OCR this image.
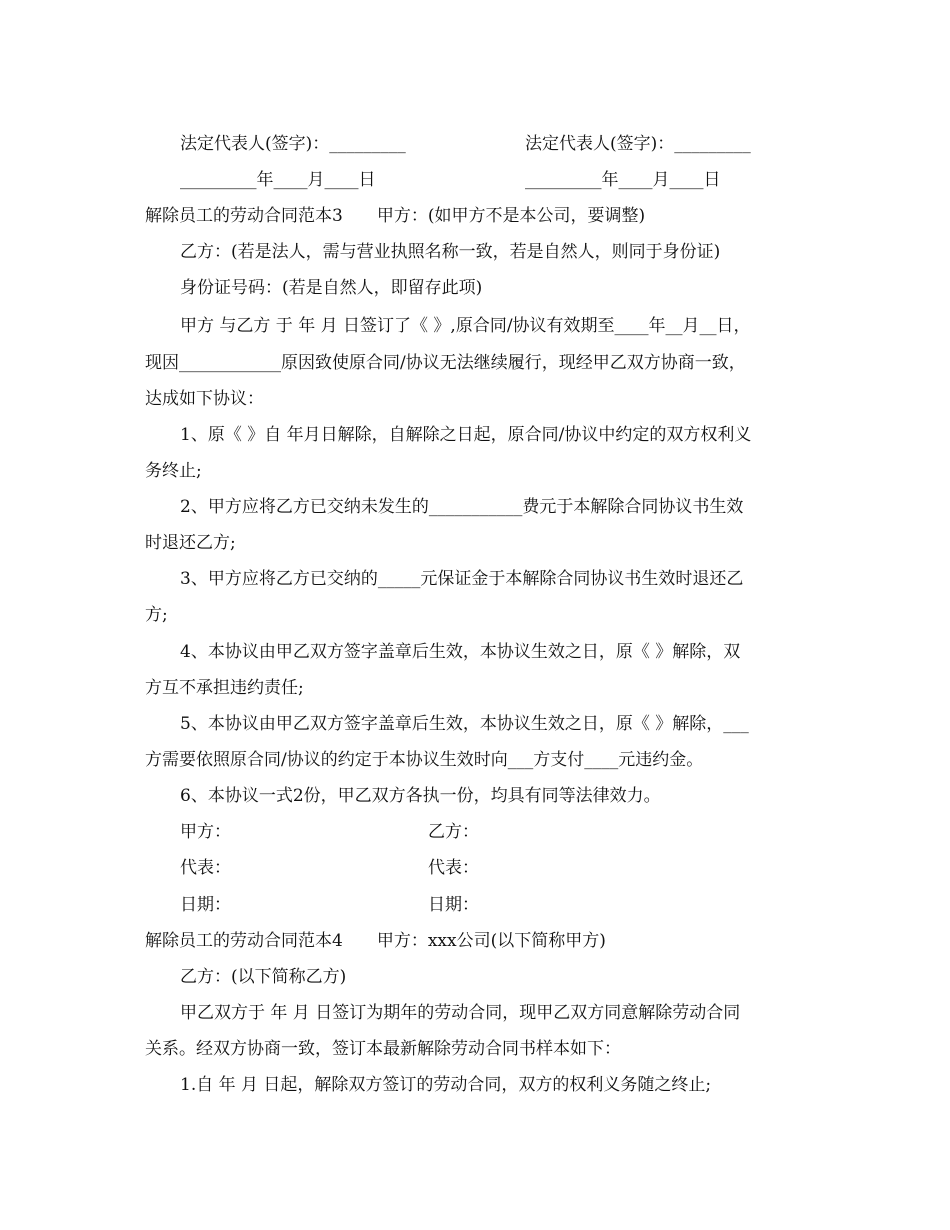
法定代表人(签字)：_________	法定代表人(签字)：_________
_________年____月____日	_________年____月____日
解除员工的劳动合同范本3　　甲方：(如甲方不是本公司，要调整)
乙方：(若是法人，需与营业执照名称一致，若是自然人，则同于身份证)
身份证号码：(若是自然人，即留存此项)
甲方 与乙方 于 年 月 日签订了《 》,原合同/协议有效期至____年__月__日，
现因____________原因致使原合同/协议无法继续履行，现经甲乙双方协商一致，
达成如下协议：
1、原《 》自 年月日解除，自解除之日起，原合同/协议中约定的双方权利义
务终止;
2、甲方应将乙方已交纳未发生的___________费元于本解除合同协议书生效
时退还乙方;
3、甲方应将乙方已交纳的_____元保证金于本解除合同协议书生效时退还乙
方;
4、本协议由甲乙双方签字盖章后生效，本协议生效之日，原《 》解除，双
方互不承担违约责任;
5、本协议由甲乙双方签字盖章后生效，本协议生效之日，原《 》解除，___
方需要依照原合同/协议的约定于本协议生效时向___方支付____元违约金。
6、本协议一式2份，甲乙双方各执一份，均具有同等法律效力。
甲方：	乙方：
代表：	代表：
日期：	日期：
解除员工的劳动合同范本4　　甲方：xxx公司(以下简称甲方)
乙方：(以下简称乙方)
甲乙双方于 年 月 日签订为期年的劳动合同，现甲乙双方同意解除劳动合同
关系。经双方协商一致，签订本最新解除劳动合同书样本如下：
1.自 年 月 日起，解除双方签订的劳动合同，双方的权利义务随之终止;
